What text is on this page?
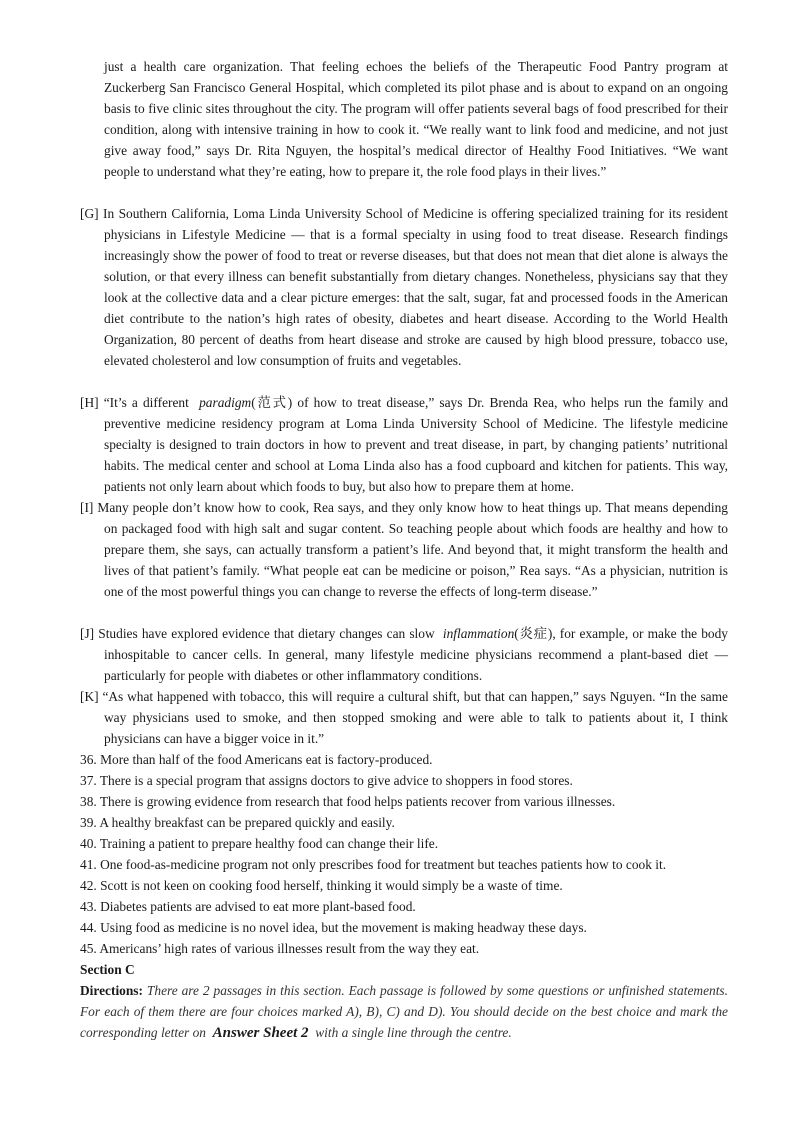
just a health care organization. That feeling echoes the beliefs of the Therapeutic Food Pantry program at Zuckerberg San Francisco General Hospital, which completed its pilot phase and is about to expand on an ongoing basis to five clinic sites throughout the city. The program will offer patients several bags of food prescribed for their condition, along with intensive training in how to cook it. “We really want to link food and medicine, and not just give away food,” says Dr. Rita Nguyen, the hospital’s medical director of Healthy Food Initiatives. “We want people to understand what they’re eating, how to prepare it, the role food plays in their lives.”

[G] In Southern California, Loma Linda University School of Medicine is offering specialized training for its resident physicians in Lifestyle Medicine — that is a formal specialty in using food to treat disease. Research findings increasingly show the power of food to treat or reverse diseases, but that does not mean that diet alone is always the solution, or that every illness can benefit substantially from dietary changes. Nonetheless, physicians say that they look at the collective data and a clear picture emerges: that the salt, sugar, fat and processed foods in the American diet contribute to the nation’s high rates of obesity, diabetes and heart disease. According to the World Health Organization, 80 percent of deaths from heart disease and stroke are caused by high blood pressure, tobacco use, elevated cholesterol and low consumption of fruits and vegetables.

[H] “It’s a different paradigm(范式) of how to treat disease,” says Dr. Brenda Rea, who helps run the family and preventive medicine residency program at Loma Linda University School of Medicine. The lifestyle medicine specialty is designed to train doctors in how to prevent and treat disease, in part, by changing patients’ nutritional habits. The medical center and school at Loma Linda also has a food cupboard and kitchen for patients. This way, patients not only learn about which foods to buy, but also how to prepare them at home.

[I] Many people don’t know how to cook, Rea says, and they only know how to heat things up. That means depending on packaged food with high salt and sugar content. So teaching people about which foods are healthy and how to prepare them, she says, can actually transform a patient’s life. And beyond that, it might transform the health and lives of that patient’s family. “What people eat can be medicine or poison,” Rea says. “As a physician, nutrition is one of the most powerful things you can change to reverse the effects of long-term disease.”

[J] Studies have explored evidence that dietary changes can slow inflammation(炎症), for example, or make the body inhospitable to cancer cells. In general, many lifestyle medicine physicians recommend a plant-based diet — particularly for people with diabetes or other inflammatory conditions.

[K] “As what happened with tobacco, this will require a cultural shift, but that can happen,” says Nguyen. “In the same way physicians used to smoke, and then stopped smoking and were able to talk to patients about it, I think physicians can have a bigger voice in it.”

36. More than half of the food Americans eat is factory-produced.

37. There is a special program that assigns doctors to give advice to shoppers in food stores.

38. There is growing evidence from research that food helps patients recover from various illnesses.

39. A healthy breakfast can be prepared quickly and easily.

40. Training a patient to prepare healthy food can change their life.

41. One food-as-medicine program not only prescribes food for treatment but teaches patients how to cook it.

42. Scott is not keen on cooking food herself, thinking it would simply be a waste of time.

43. Diabetes patients are advised to eat more plant-based food.

44. Using food as medicine is no novel idea, but the movement is making headway these days.

45. Americans’ high rates of various illnesses result from the way they eat.

Section C

Directions: There are 2 passages in this section. Each passage is followed by some questions or unfinished statements. For each of them there are four choices marked A), B), C) and D). You should decide on the best choice and mark the corresponding letter on Answer Sheet 2 with a single line through the centre.
